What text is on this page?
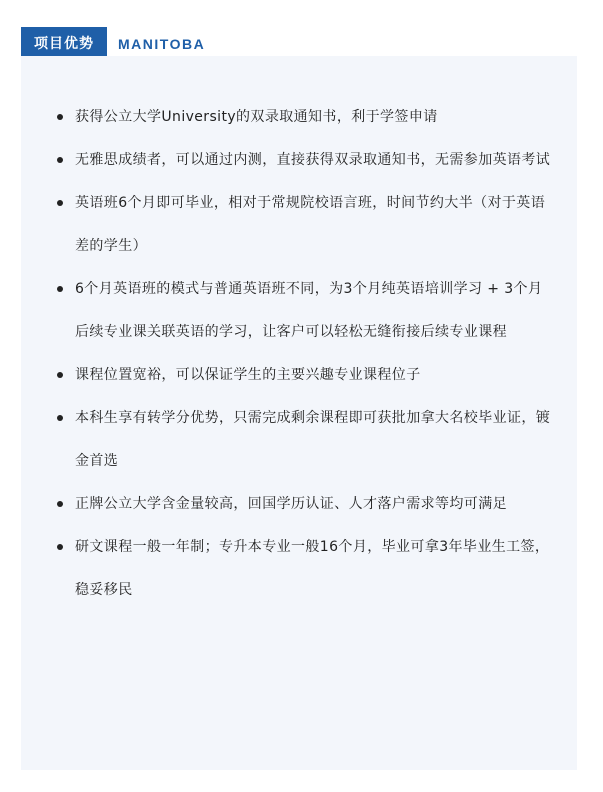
项目优势	MANITOBA
获得公立大学University的双录取通知书，利于学签申请
无雅思成绩者，可以通过内测，直接获得双录取通知书，无需参加英语考试
英语班6个月即可毕业，相对于常规院校语言班，时间节约大半（对于英语差的学生）
6个月英语班的模式与普通英语班不同，为3个月纯英语培训学习 + 3个月后续专业课关联英语的学习，让客户可以轻松无缝衔接后续专业课程
课程位置宽裕，可以保证学生的主要兴趣专业课程位子
本科生享有转学分优势，只需完成剩余课程即可获批加拿大名校毕业证，镀金首选
正牌公立大学含金量较高，回国学历认证、人才落户需求等均可满足
研文课程一般一年制；专升本专业一般16个月，毕业可拿3年毕业生工签，稳妥移民
